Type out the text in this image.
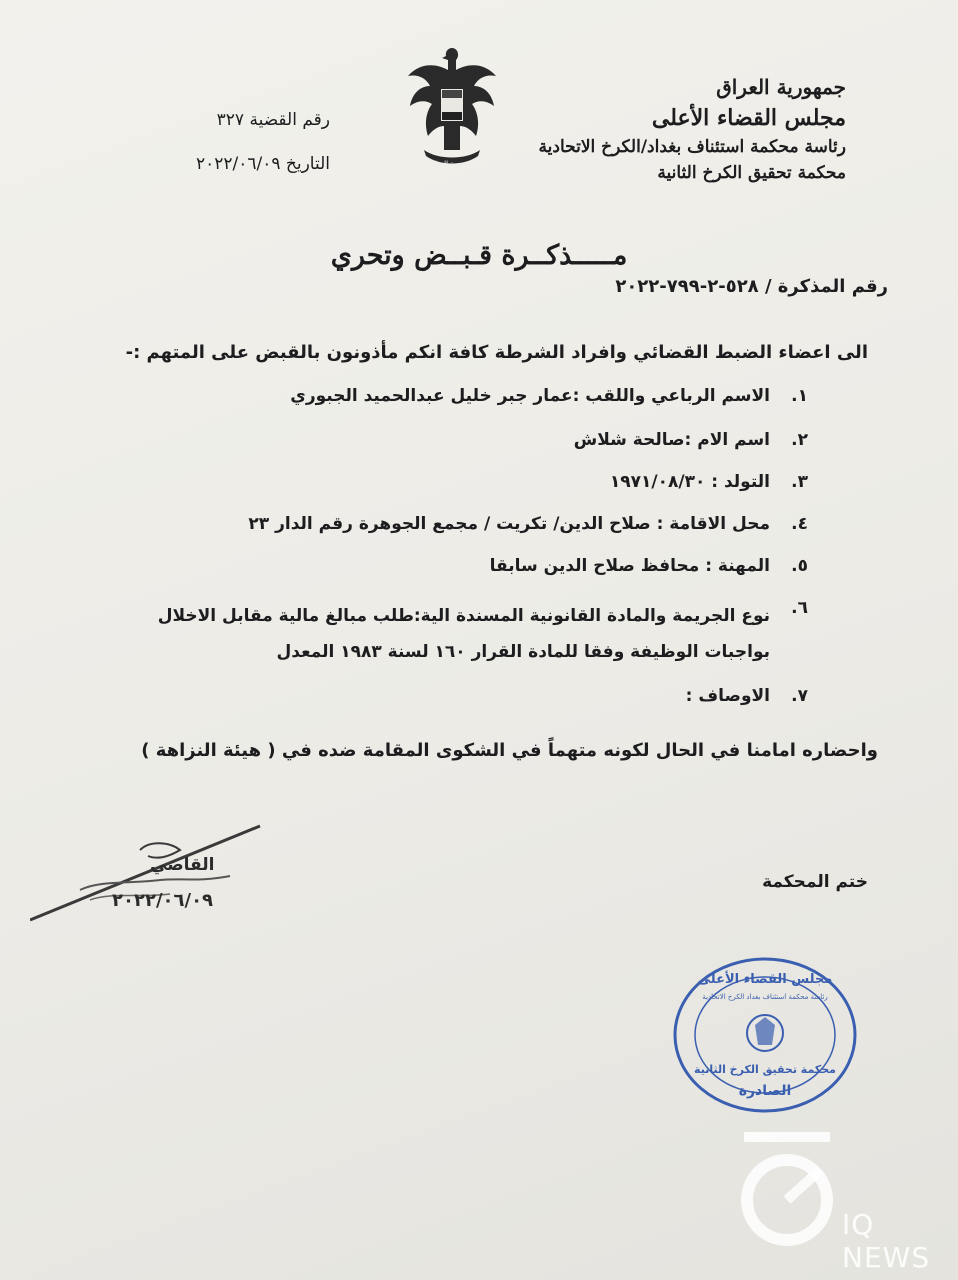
جمهورية العراق
مجلس القضاء الأعلى
رئاسة محكمة استئناف بغداد/الكرخ الاتحادية
محكمة تحقيق الكرخ الثانية
رقم القضية ٣٢٧
التاريخ ٢٠٢٢/٠٦/٠٩	جمهورية العراق
مـــــذكــرة قـبــض وتحري
رقم المذكرة / ٥٢٨-٢-٧٩٩-٢٠٢٢
الى اعضاء الضبط القضائي وافراد الشرطة كافة انكم مأذونون بالقبض على المتهم :-
١.
الاسم الرباعي واللقب :عمار جبر خليل عبدالحميد الجبوري
٢.
اسم الام :صالحة شلاش
٣.
التولد : ١٩٧١/٠٨/٣٠
٤.
محل الاقامة : صلاح الدين/ تكريت / مجمع الجوهرة رقم الدار ٢٣
٥.
المهنة : محافظ صلاح الدين سابقا
٦.
نوع الجريمة والمادة القانونية المسندة الية:طلب مبالغ مالية مقابل الاخلال بواجبات الوظيفة وفقا للمادة القرار ١٦٠ لسنة ١٩٨٣ المعدل
٧.
الاوصاف :
واحضاره امامنا في الحال لكونه متهماً في الشكوى المقامة ضده في ( هيئة النزاهة )
ختم المحكمة
القاضي
٢٠٢٢/٠٦/٠٩
مجلس القضاء الأعلى
رئاسة محكمة استئناف بغداد الكرخ الاتحادية
محكمة تحقيق الكرخ الثانية
الصادرة
IQ NEWS
